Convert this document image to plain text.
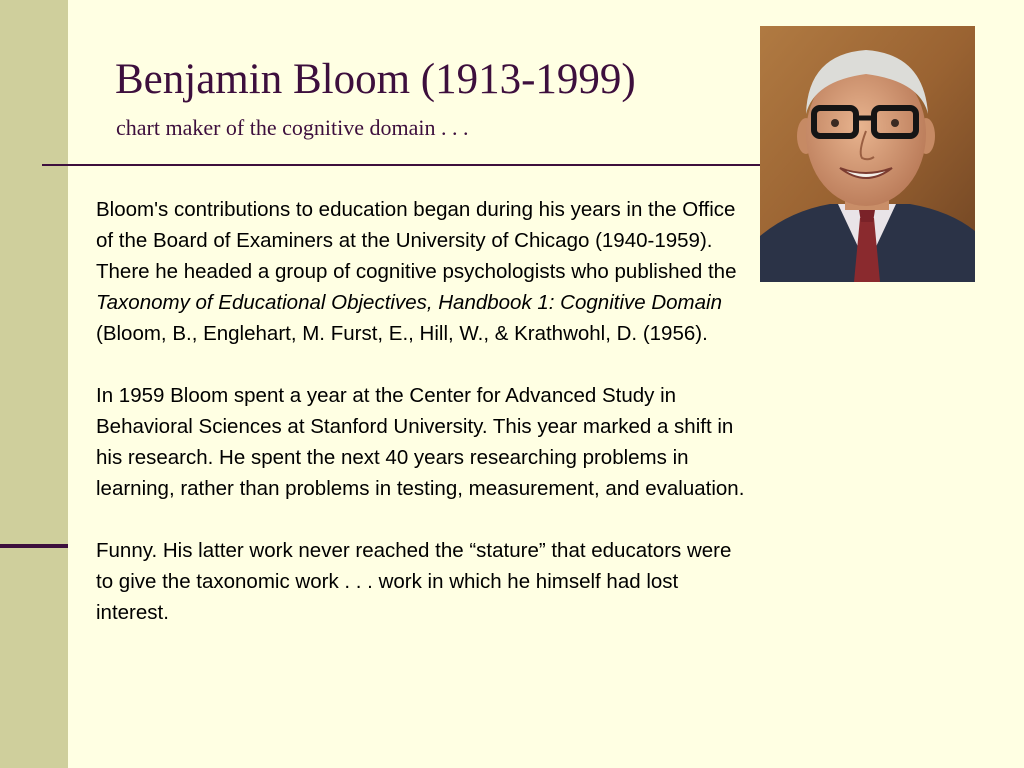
Benjamin Bloom (1913-1999)
chart maker of the cognitive domain . . .

Bloom's contributions to education began during his years in the Office of the Board of Examiners at the University of Chicago (1940-1959). There he headed a group of cognitive psychologists who published the Taxonomy of Educational Objectives, Handbook 1: Cognitive Domain (Bloom, B., Englehart, M. Furst, E., Hill, W., & Krathwohl, D. (1956).

In 1959 Bloom spent a year at the Center for Advanced Study in Behavioral Sciences at Stanford University. This year marked a shift in his research. He spent the next 40 years researching problems in learning, rather than problems in testing, measurement, and evaluation.

Funny. His latter work never reached the “stature” that educators were to give the taxonomic work . . . work in which he himself had lost interest.
